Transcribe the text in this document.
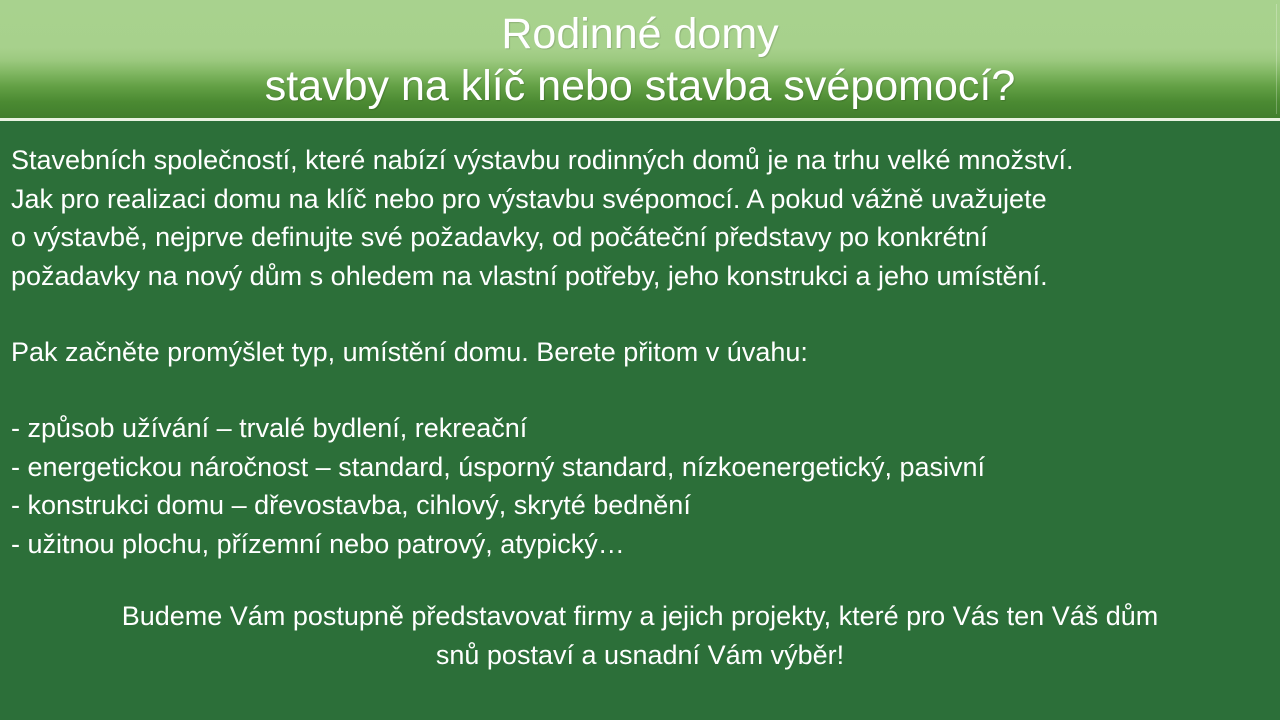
Rodinné domy
stavby na klíč nebo stavba svépomocí?
Stavebních společností, které nabízí výstavbu rodinných domů je na trhu velké množství.
Jak pro realizaci domu na klíč nebo pro výstavbu svépomocí. A pokud vážně uvažujete
o výstavbě, nejprve definujte své požadavky, od počáteční představy po konkrétní
požadavky na nový dům s ohledem na vlastní potřeby, jeho konstrukci a jeho umístění.
Pak začněte promýšlet typ, umístění domu. Berete přitom v úvahu:
- způsob užívání – trvalé bydlení, rekreační
- energetickou náročnost – standard, úsporný standard, nízkoenergetický, pasivní
- konstrukci domu – dřevostavba, cihlový, skryté bednění
- užitnou plochu, přízemní nebo patrový, atypický…
Budeme Vám postupně představovat firmy a jejich projekty, které pro Vás ten Váš dům
snů postaví a usnadní Vám výběr!
